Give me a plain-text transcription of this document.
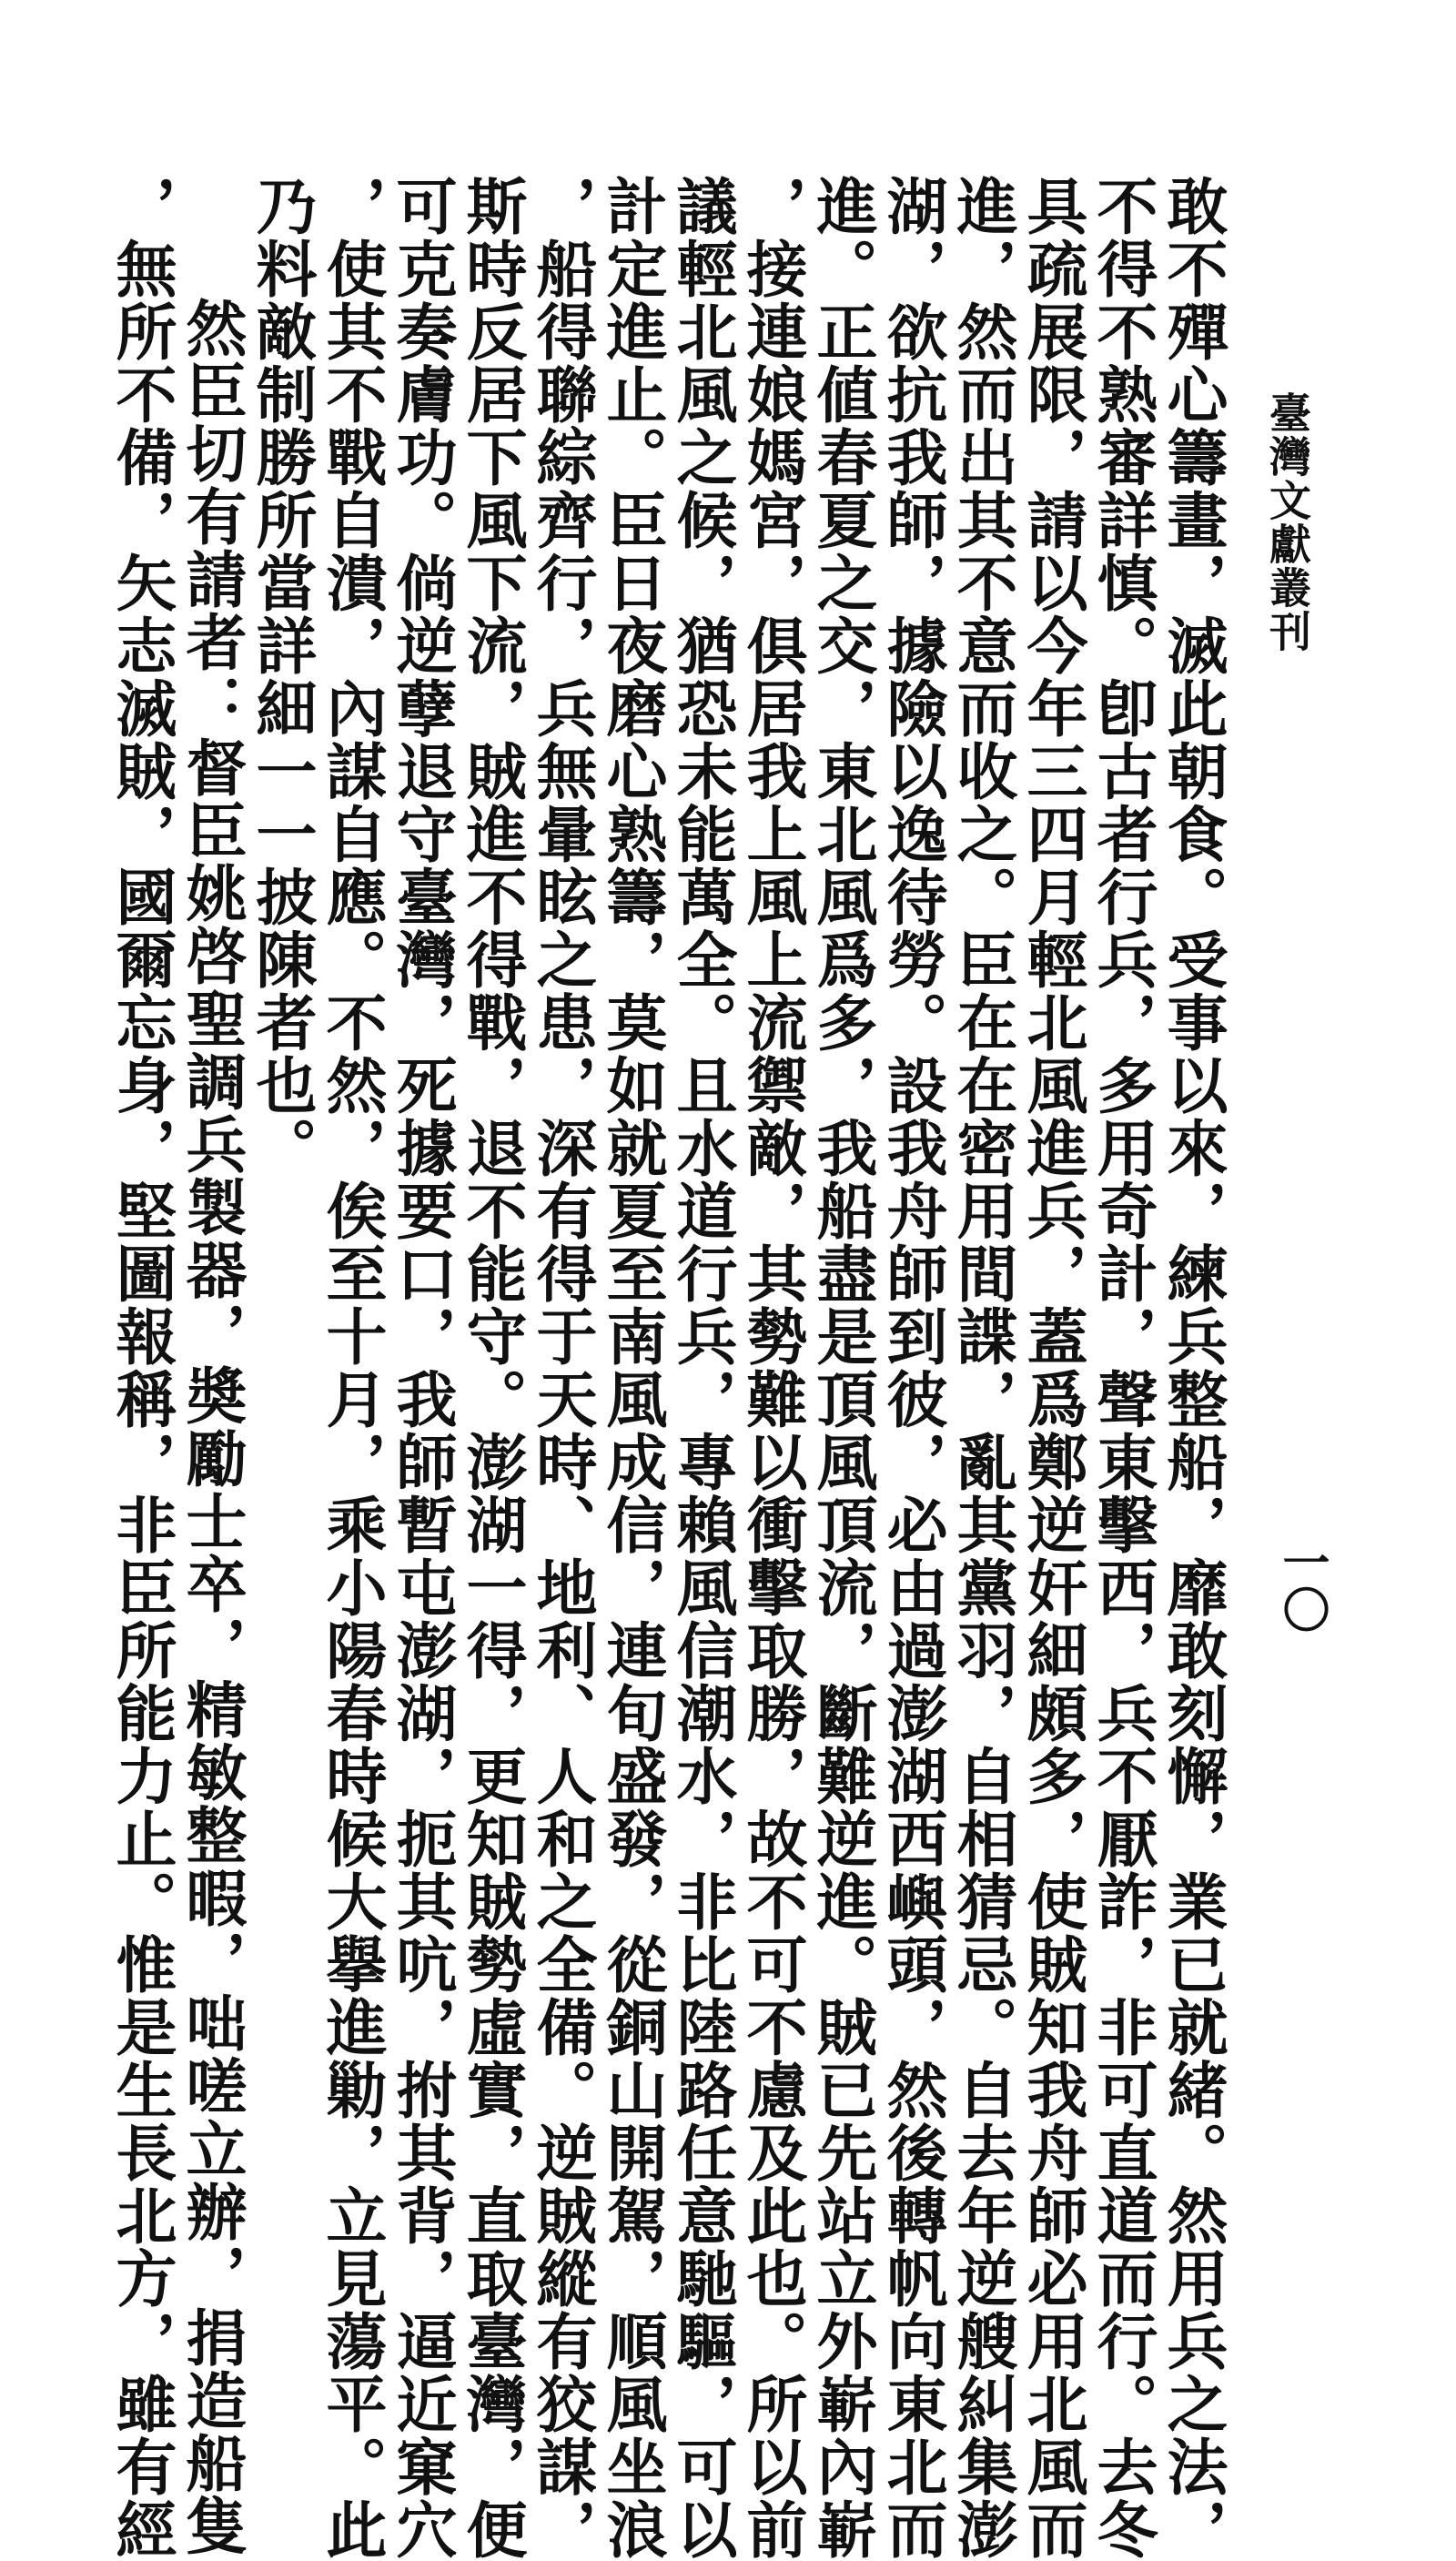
臺灣文獻叢刊
一〇
敢不殫心籌畫，滅此朝食。受事以來，練兵整船，靡敢刻懈，業已就緒。然用兵之法，
不得不熟審詳慎。卽古者行兵，多用奇計，聲東擊西，兵不厭詐，非可直道而行。去冬
具疏展限，請以今年三四月輕北風進兵，蓋爲鄭逆奸細頗多，使賊知我舟師必用北風而
進，然而出其不意而收之。臣在在密用間諜，亂其黨羽，自相猜忌。自去年逆艘糾集澎
湖，欲抗我師，據險以逸待勞。設我舟師到彼，必由過澎湖西嶼頭，然後轉帆向東北而
進。正値春夏之交，東北風爲多，我船盡是頂風頂流，斷難逆進。賊已先站立外嶄內嶄
，接連娘媽宮，俱居我上風上流禦敵，其勢難以衝擊取勝，故不可不慮及此也。所以前
議輕北風之候，猶恐未能萬全。且水道行兵，專賴風信潮水，非比陸路任意馳驅，可以
計定進止。臣日夜磨心熟籌，莫如就夏至南風成信，連旬盛發，從銅山開駕，順風坐浪
，船得聯綜齊行，兵無暈眩之患，深有得于天時、地利、人和之全備。逆賊縱有狡謀，
斯時反居下風下流，賊進不得戰，退不能守。澎湖一得，更知賊勢虛實，直取臺灣，便
可克奏膚功。倘逆孽退守臺灣，死據要口，我師暫屯澎湖，扼其吭，拊其背，逼近窠穴
，使其不戰自潰，內謀自應。不然，俟至十月，乘小陽春時候大擧進勦，立見蕩平。此
乃料敵制勝所當詳細一一披陳者也。
然臣切有請者：督臣姚啓聖調兵製器，奬勵士卒，精敏整暇，咄嗟立辦，捐造船隻
，無所不備，矢志滅賊，國爾忘身，堅圖報稱，非臣所能力止。惟是生長北方，雖有經
